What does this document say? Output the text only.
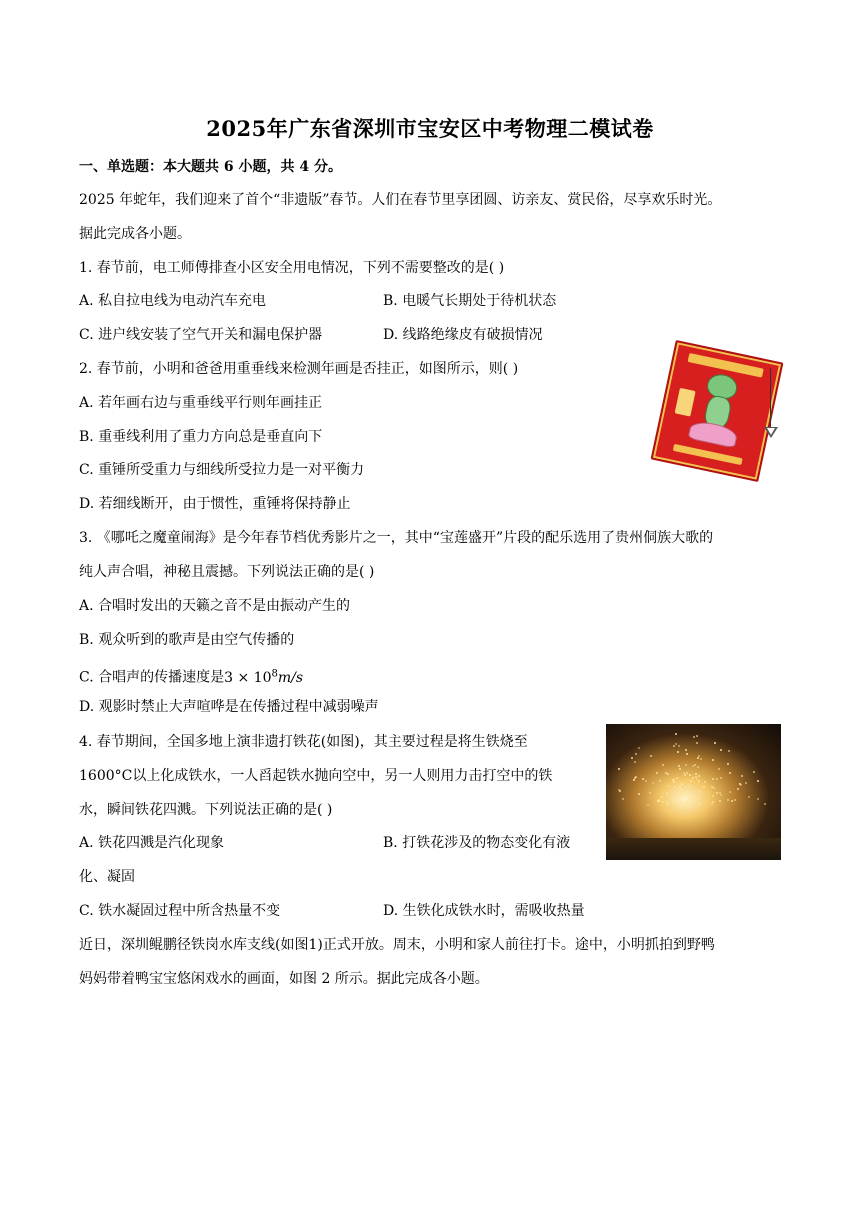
2025年广东省深圳市宝安区中考物理二模试卷
一、单选题：本大题共 6 小题，共 4 分。
2025 年蛇年，我们迎来了首个“非遗版”春节。人们在春节里享团圆、访亲友、赏民俗，尽享欢乐时光。
据此完成各小题。
1. 春节前，电工师傅排查小区安全用电情况，下列不需要整改的是( )
A. 私自拉电线为电动汽车充电	B. 电暖气长期处于待机状态
C. 进户线安装了空气开关和漏电保护器	D. 线路绝缘皮有破损情况
2. 春节前，小明和爸爸用重垂线来检测年画是否挂正，如图所示，则( )
A. 若年画右边与重垂线平行则年画挂正
B. 重垂线利用了重力方向总是垂直向下
C. 重锤所受重力与细线所受拉力是一对平衡力
D. 若细线断开，由于惯性，重锤将保持静止
3. 《哪吒之魔童闹海》是今年春节档优秀影片之一，其中“宝莲盛开”片段的配乐选用了贵州侗族大歌的
纯人声合唱，神秘且震撼。下列说法正确的是( )
A. 合唱时发出的天籁之音不是由振动产生的
B. 观众听到的歌声是由空气传播的
C. 合唱声的传播速度是$3 \times 10^8m/s$
D. 观影时禁止大声喧哗是在传播过程中减弱噪声
4. 春节期间，全国多地上演非遗打铁花(如图)，其主要过程是将生铁烧至
1600°C以上化成铁水，一人舀起铁水抛向空中，另一人则用力击打空中的铁
水，瞬间铁花四溅。下列说法正确的是( )
A. 铁花四溅是汽化现象	B. 打铁花涉及的物态变化有液
化、凝固
C. 铁水凝固过程中所含热量不变	D. 生铁化成铁水时，需吸收热量
近日，深圳鲲鹏径铁岗水库支线(如图1)正式开放。周末，小明和家人前往打卡。途中，小明抓拍到野鸭
妈妈带着鸭宝宝悠闲戏水的画面，如图 2 所示。据此完成各小题。
